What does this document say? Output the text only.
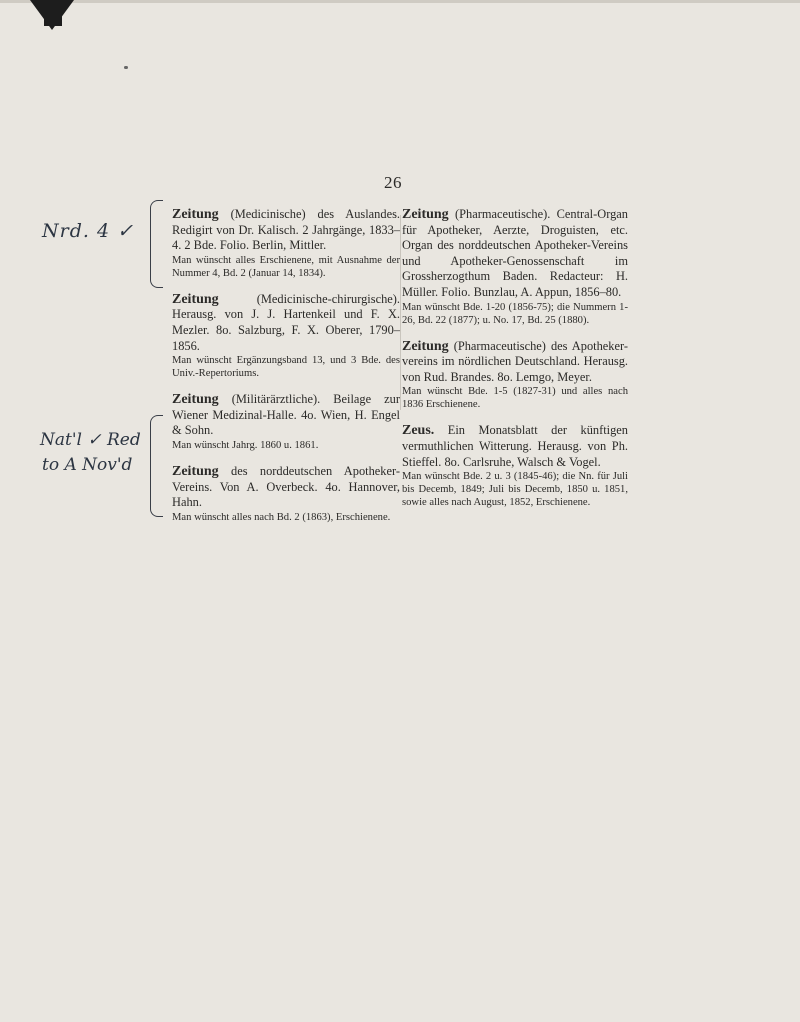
26
Nrd. 4 ✓
Nat'l ✓ Red
to A Nov'd

Zeitung (Medicinische) des Auslandes. Redigirt von Dr. Kalisch. 2 Jahrgänge, 1833–4. 2 Bde. Folio. Berlin, Mittler.

Man wünscht alles Erschienene, mit Ausnahme der Nummer 4, Bd. 2 (Januar 14, 1834).

Zeitung	(Medicinische-chirurgische). Herausg. von J. J. Hartenkeil und F. X. Mezler. 8o. Salzburg, F. X. Oberer, 1790–1856.

Man wünscht Ergänzungsband 13, und 3 Bde. des Univ.-Repertoriums.

Zeitung (Militärärztliche). Beilage zur Wiener Medizinal-Halle. 4o. Wien, H. Engel & Sohn.

Man wünscht Jahrg. 1860 u. 1861.

Zeitung des norddeutschen Apotheker-Vereins. Von A. Overbeck. 4o. Hannover, Hahn.

Man wünscht alles nach Bd. 2 (1863), Erschienene.

Zeitung (Pharmaceutische). Central-Organ für Apotheker, Aerzte, Droguisten, etc. Organ des norddeutschen Apotheker-Vereins und Apotheker-Genossenschaft im Grossherzogthum Baden. Redacteur: H. Müller. Folio. Bunzlau, A. Appun, 1856–80.

Man wünscht Bde. 1-20 (1856-75); die Nummern 1-26, Bd. 22 (1877); u. No. 17, Bd. 25 (1880).

Zeitung (Pharmaceutische) des Apotheker-vereins im nördlichen Deutschland. Herausg. von Rud. Brandes. 8o. Lemgo, Meyer.

Man wünscht Bde. 1-5 (1827-31) und alles nach 1836 Erschienene.

Zeus. Ein Monatsblatt der künftigen vermuthlichen Witterung. Herausg. von Ph. Stieffel. 8o. Carlsruhe, Walsch & Vogel.

Man wünscht Bde. 2 u. 3 (1845-46); die Nn. für Juli bis Decemb, 1849; Juli bis Decemb, 1850 u. 1851, sowie alles nach August, 1852, Erschienene.
